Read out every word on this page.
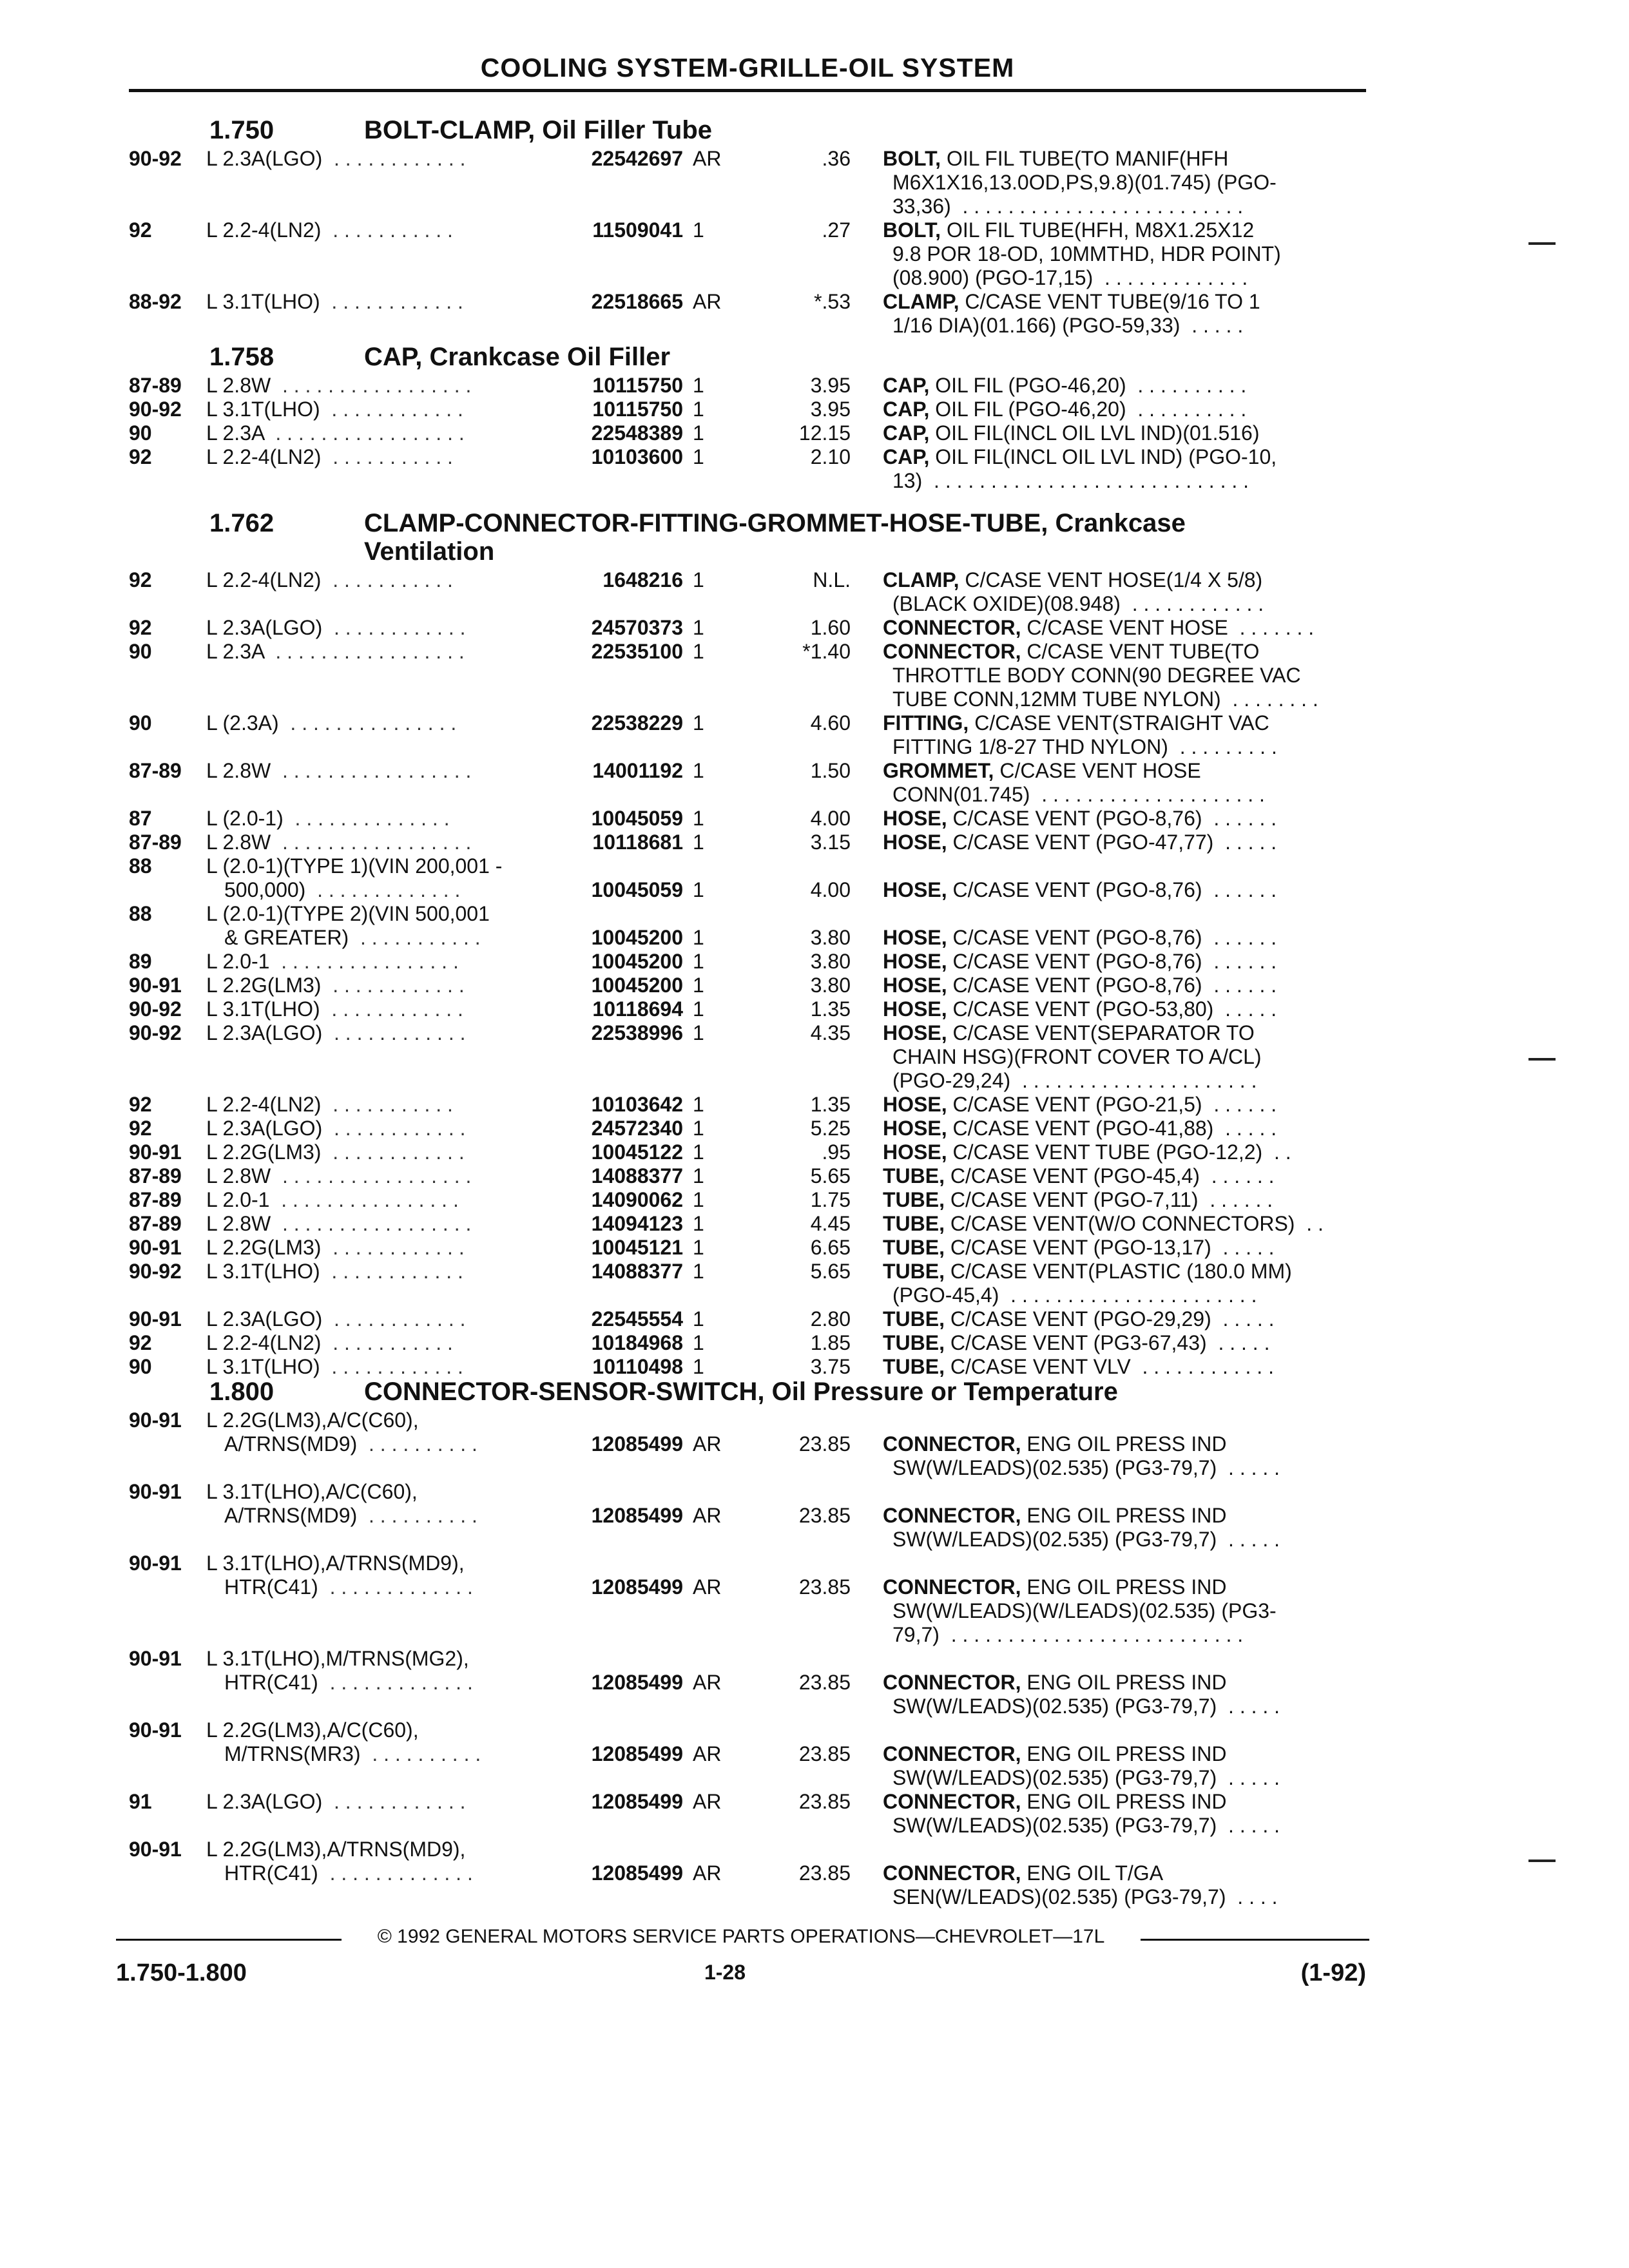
COOLING SYSTEM-GRILLE-OIL SYSTEM
1.750	BOLT-CLAMP, Oil Filler Tube
90-92 L 2.3A(LGO)  . . . . . . . . . . . .	22542697 AR	.36 BOLT, OIL FIL TUBE(TO MANIF(HFH
M6X1X16,13.0OD,PS,9.8)(01.745) (PGO-
33,36)  . . . . . . . . . . . . . . . . . . . . . . . . .
92	L 2.2-4(LN2)  . . . . . . . . . . .	11509041 1	.27 BOLT, OIL FIL TUBE(HFH, M8X1.25X12
9.8 POR 18-OD, 10MMTHD, HDR POINT)
(08.900) (PGO-17,15)  . . . . . . . . . . . . .
88-92 L 3.1T(LHO)  . . . . . . . . . . . .	22518665 AR	*.53 CLAMP, C/CASE VENT TUBE(9/16 TO 1
1/16 DIA)(01.166) (PGO-59,33)  . . . . .
1.758	CAP, Crankcase Oil Filler
87-89 L 2.8W  . . . . . . . . . . . . . . . . .	10115750 1	3.95 CAP, OIL FIL (PGO-46,20)  . . . . . . . . . .
90-92 L 3.1T(LHO)  . . . . . . . . . . . .	10115750 1	3.95 CAP, OIL FIL (PGO-46,20)  . . . . . . . . . .
90	L 2.3A  . . . . . . . . . . . . . . . . .	22548389 1	12.15 CAP, OIL FIL(INCL OIL LVL IND)(01.516)
92	L 2.2-4(LN2)  . . . . . . . . . . .	10103600 1	2.10 CAP, OIL FIL(INCL OIL LVL IND) (PGO-10,
13)  . . . . . . . . . . . . . . . . . . . . . . . . . . . .
1.762	CLAMP-CONNECTOR-FITTING-GROMMET-HOSE-TUBE, Crankcase
Ventilation
92	L 2.2-4(LN2)  . . . . . . . . . . .	1648216 1	N.L. CLAMP, C/CASE VENT HOSE(1/4 X 5/8)
(BLACK OXIDE)(08.948)  . . . . . . . . . . . .
92	L 2.3A(LGO)  . . . . . . . . . . . .	24570373 1	1.60 CONNECTOR, C/CASE VENT HOSE  . . . . . . .
90	L 2.3A  . . . . . . . . . . . . . . . . .	22535100 1	*1.40 CONNECTOR, C/CASE VENT TUBE(TO
THROTTLE BODY CONN(90 DEGREE VAC
TUBE CONN,12MM TUBE NYLON)  . . . . . . . .
90	L (2.3A)  . . . . . . . . . . . . . . .	22538229 1	4.60 FITTING, C/CASE VENT(STRAIGHT VAC
FITTING 1/8-27 THD NYLON)  . . . . . . . . .
87-89 L 2.8W  . . . . . . . . . . . . . . . . .	14001192 1	1.50 GROMMET, C/CASE VENT HOSE
CONN(01.745)  . . . . . . . . . . . . . . . . . . . .
87	L (2.0-1)  . . . . . . . . . . . . . .	10045059 1	4.00 HOSE, C/CASE VENT (PGO-8,76)  . . . . . .
87-89 L 2.8W  . . . . . . . . . . . . . . . . .	10118681 1	3.15 HOSE, C/CASE VENT (PGO-47,77)  . . . . .
88	L (2.0-1)(TYPE 1)(VIN 200,001 -
500,000)  . . . . . . . . . . . . .	10045059 1	4.00 HOSE, C/CASE VENT (PGO-8,76)  . . . . . .
88	L (2.0-1)(TYPE 2)(VIN 500,001
& GREATER)  . . . . . . . . . . .	10045200 1	3.80 HOSE, C/CASE VENT (PGO-8,76)  . . . . . .
89	L 2.0-1  . . . . . . . . . . . . . . . .	10045200 1	3.80 HOSE, C/CASE VENT (PGO-8,76)  . . . . . .
90-91 L 2.2G(LM3)  . . . . . . . . . . . .	10045200 1	3.80 HOSE, C/CASE VENT (PGO-8,76)  . . . . . .
90-92 L 3.1T(LHO)  . . . . . . . . . . . .	10118694 1	1.35 HOSE, C/CASE VENT (PGO-53,80)  . . . . .
90-92 L 2.3A(LGO)  . . . . . . . . . . . .	22538996 1	4.35 HOSE, C/CASE VENT(SEPARATOR TO
CHAIN HSG)(FRONT COVER TO A/CL)
(PGO-29,24)  . . . . . . . . . . . . . . . . . . . . .
92	L 2.2-4(LN2)  . . . . . . . . . . .	10103642 1	1.35 HOSE, C/CASE VENT (PGO-21,5)  . . . . . .
92	L 2.3A(LGO)  . . . . . . . . . . . .	24572340 1	5.25 HOSE, C/CASE VENT (PGO-41,88)  . . . . .
90-91 L 2.2G(LM3)  . . . . . . . . . . . .	10045122 1	.95 HOSE, C/CASE VENT TUBE (PGO-12,2)  . .
87-89 L 2.8W  . . . . . . . . . . . . . . . . .	14088377 1	5.65 TUBE, C/CASE VENT (PGO-45,4)  . . . . . .
87-89 L 2.0-1  . . . . . . . . . . . . . . . .	14090062 1	1.75 TUBE, C/CASE VENT (PGO-7,11)  . . . . . .
87-89 L 2.8W  . . . . . . . . . . . . . . . . .	14094123 1	4.45 TUBE, C/CASE VENT(W/O CONNECTORS)  . .
90-91 L 2.2G(LM3)  . . . . . . . . . . . .	10045121 1	6.65 TUBE, C/CASE VENT (PGO-13,17)  . . . . .
90-92 L 3.1T(LHO)  . . . . . . . . . . . .	14088377 1	5.65 TUBE, C/CASE VENT(PLASTIC (180.0 MM)
(PGO-45,4)  . . . . . . . . . . . . . . . . . . . . . .
90-91 L 2.3A(LGO)  . . . . . . . . . . . .	22545554 1	2.80 TUBE, C/CASE VENT (PGO-29,29)  . . . . .
92	L 2.2-4(LN2)  . . . . . . . . . . .	10184968 1	1.85 TUBE, C/CASE VENT (PG3-67,43)  . . . . .
90	L 3.1T(LHO)  . . . . . . . . . . . .	10110498 1	3.75 TUBE, C/CASE VENT VLV  . . . . . . . . . . . .
1.800	CONNECTOR-SENSOR-SWITCH, Oil Pressure or Temperature
90-91 L 2.2G(LM3),A/C(C60),
A/TRNS(MD9)  . . . . . . . . . .	12085499 AR	23.85 CONNECTOR, ENG OIL PRESS IND
SW(W/LEADS)(02.535) (PG3-79,7)  . . . . .
90-91 L 3.1T(LHO),A/C(C60),
A/TRNS(MD9)  . . . . . . . . . .	12085499 AR	23.85 CONNECTOR, ENG OIL PRESS IND
SW(W/LEADS)(02.535) (PG3-79,7)  . . . . .
90-91 L 3.1T(LHO),A/TRNS(MD9),
HTR(C41)  . . . . . . . . . . . . .	12085499 AR	23.85 CONNECTOR, ENG OIL PRESS IND
SW(W/LEADS)(W/LEADS)(02.535) (PG3-
79,7)  . . . . . . . . . . . . . . . . . . . . . . . . . .
90-91 L 3.1T(LHO),M/TRNS(MG2),
HTR(C41)  . . . . . . . . . . . . .	12085499 AR	23.85 CONNECTOR, ENG OIL PRESS IND
SW(W/LEADS)(02.535) (PG3-79,7)  . . . . .
90-91 L 2.2G(LM3),A/C(C60),
M/TRNS(MR3)  . . . . . . . . . .	12085499 AR	23.85 CONNECTOR, ENG OIL PRESS IND
SW(W/LEADS)(02.535) (PG3-79,7)  . . . . .
91	L 2.3A(LGO)  . . . . . . . . . . . .	12085499 AR	23.85 CONNECTOR, ENG OIL PRESS IND
SW(W/LEADS)(02.535) (PG3-79,7)  . . . . .
90-91 L 2.2G(LM3),A/TRNS(MD9),
HTR(C41)  . . . . . . . . . . . . .	12085499 AR	23.85 CONNECTOR, ENG OIL T/GA
SEN(W/LEADS)(02.535) (PG3-79,7)  . . . .
© 1992 GENERAL MOTORS SERVICE PARTS OPERATIONS—CHEVROLET—17L
1.750-1.800	1-28	(1-92)
